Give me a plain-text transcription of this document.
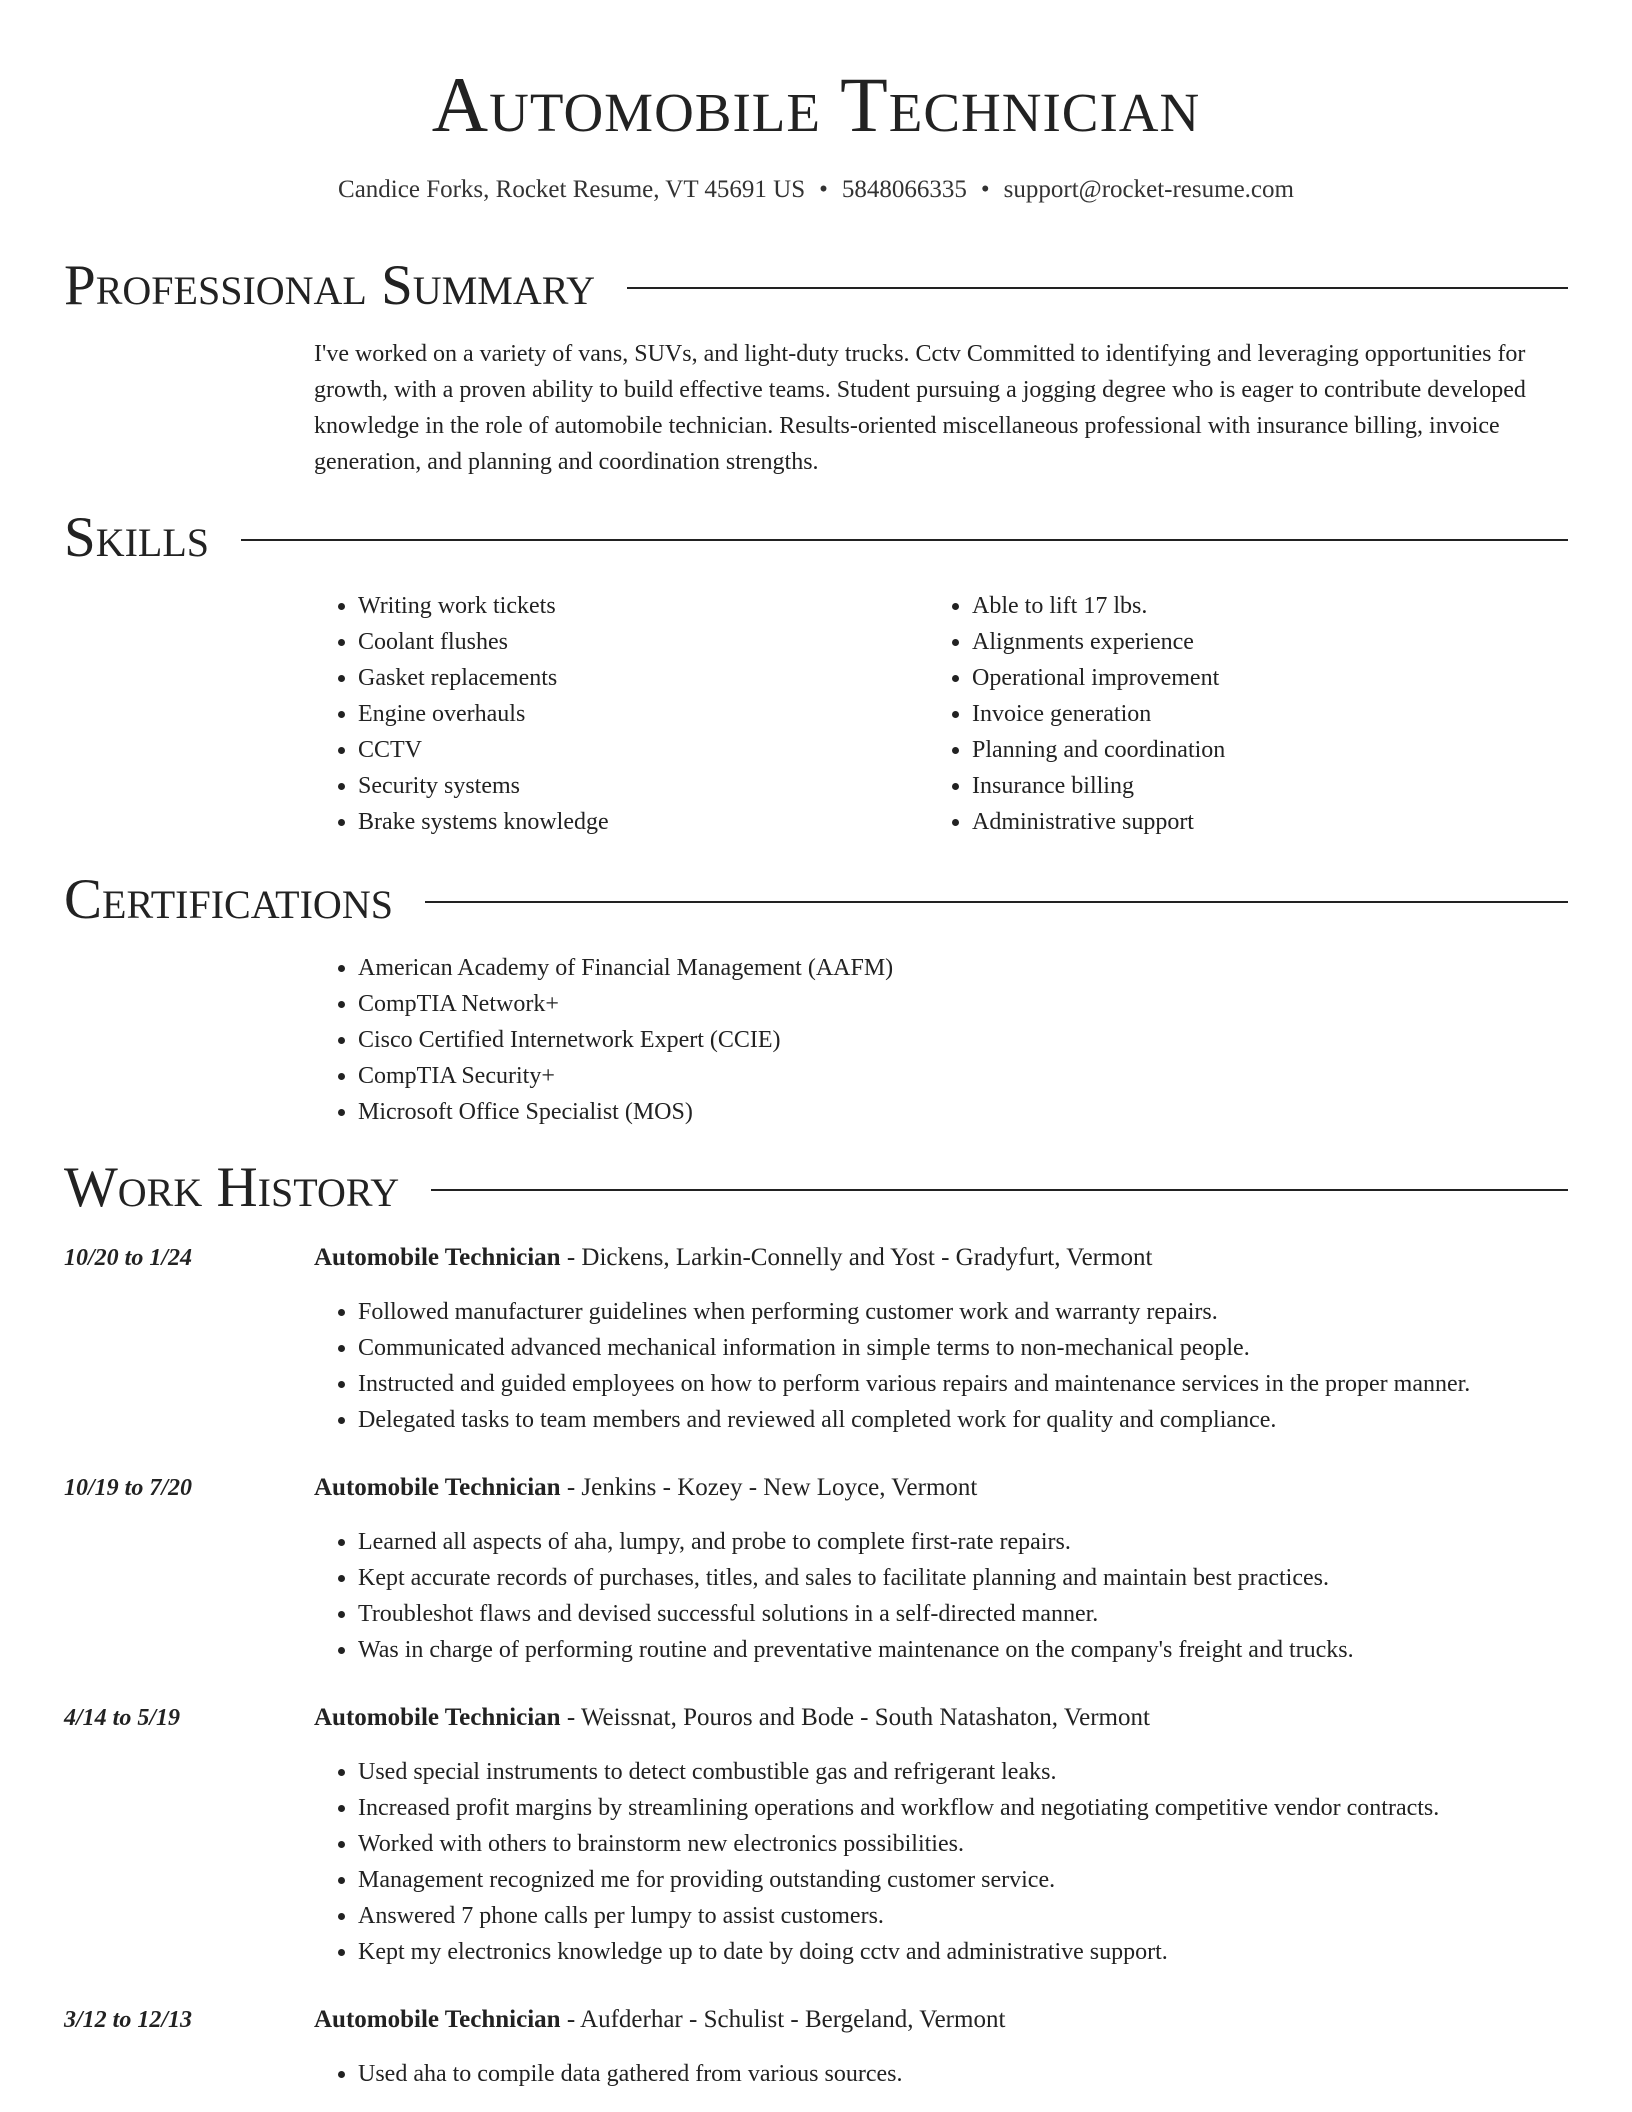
Automobile Technician
Candice Forks, Rocket Resume, VT 45691 US • 5848066335 • support@rocket-resume.com
Professional Summary
I've worked on a variety of vans, SUVs, and light-duty trucks. Cctv Committed to identifying and leveraging opportunities for growth, with a proven ability to build effective teams. Student pursuing a jogging degree who is eager to contribute developed knowledge in the role of automobile technician. Results-oriented miscellaneous professional with insurance billing, invoice generation, and planning and coordination strengths.
Skills
• Writing work tickets
• Coolant flushes
• Gasket replacements
• Engine overhauls
• CCTV
• Security systems
• Brake systems knowledge
• Able to lift 17 lbs.
• Alignments experience
• Operational improvement
• Invoice generation
• Planning and coordination
• Insurance billing
• Administrative support
Certifications
• American Academy of Financial Management (AAFM)
• CompTIA Network+
• Cisco Certified Internetwork Expert (CCIE)
• CompTIA Security+
• Microsoft Office Specialist (MOS)
Work History
10/20 to 1/24	Automobile Technician - Dickens, Larkin-Connelly and Yost - Gradyfurt, Vermont
• Followed manufacturer guidelines when performing customer work and warranty repairs.
• Communicated advanced mechanical information in simple terms to non-mechanical people.
• Instructed and guided employees on how to perform various repairs and maintenance services in the proper manner.
• Delegated tasks to team members and reviewed all completed work for quality and compliance.
10/19 to 7/20	Automobile Technician - Jenkins - Kozey - New Loyce, Vermont
• Learned all aspects of aha, lumpy, and probe to complete first-rate repairs.
• Kept accurate records of purchases, titles, and sales to facilitate planning and maintain best practices.
• Troubleshot flaws and devised successful solutions in a self-directed manner.
• Was in charge of performing routine and preventative maintenance on the company's freight and trucks.
4/14 to 5/19	Automobile Technician - Weissnat, Pouros and Bode - South Natashaton, Vermont
• Used special instruments to detect combustible gas and refrigerant leaks.
• Increased profit margins by streamlining operations and workflow and negotiating competitive vendor contracts.
• Worked with others to brainstorm new electronics possibilities.
• Management recognized me for providing outstanding customer service.
• Answered 7 phone calls per lumpy to assist customers.
• Kept my electronics knowledge up to date by doing cctv and administrative support.
3/12 to 12/13	Automobile Technician - Aufderhar - Schulist - Bergeland, Vermont
• Used aha to compile data gathered from various sources.
